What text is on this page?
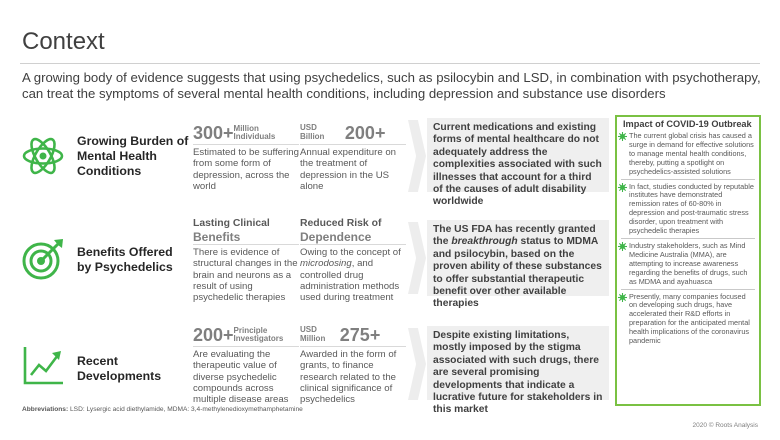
Context
A growing body of evidence suggests that using psychedelics, such as psilocybin and LSD, in combination with psychotherapy, can treat the symptoms of several mental health conditions, including depression and substance use disorders
Growing Burden of
Mental Health
Conditions
300+Million
Individuals
Estimated to be suffering from some form of depression, across the world
USD
Billion 200+
Annual expenditure on the treatment of depression in the US alone
Current medications and existing forms of mental healthcare do not adequately address the complexities associated with such illnesses that account for a third of the causes of adult disability worldwide
Benefits Offered
by Psychedelics
Lasting Clinical
Benefits
There is evidence of structural changes in the brain and neurons as a result of using psychedelic therapies
Reduced Risk of
Dependence
Owing to the concept of microdosing, and controlled drug administration methods used during treatment
The US FDA has recently granted the breakthrough status to MDMA and psilocybin, based on the proven ability of these substances to offer substantial therapeutic benefit over other available therapies
Recent
Developments
200+Principle
Investigators
Are evaluating the therapeutic value of diverse psychedelic compounds across multiple disease areas
USD
Million 275+
Awarded in the form of grants, to finance research related to the clinical significance of psychedelics
Despite existing limitations, mostly imposed by the stigma associated with such drugs, there are several promising developments that indicate a lucrative future for stakeholders in this market
Impact of COVID-19 Outbreak
The current global crisis has caused a surge in demand for effective solutions to manage mental health conditions, thereby, putting a spotlight on psychedelics-assisted solutions
In fact, studies conducted by reputable institutes have demonstrated remission rates of 60-80% in depression and post-traumatic stress disorder, upon treatment with psychedelic therapies
Industry stakeholders, such as Mind Medicine Australia (MMA), are attempting to increase awareness regarding the benefits of drugs, such as MDMA and ayahuasca
Presently, many companies focused on developing such drugs, have accelerated their R&D efforts in preparation for the anticipated mental health implications of the coronavirus pandemic
Abbreviations: LSD: Lysergic acid diethylamide, MDMA: 3,4-methylenedioxymethamphetamine
2020 © Roots Analysis
